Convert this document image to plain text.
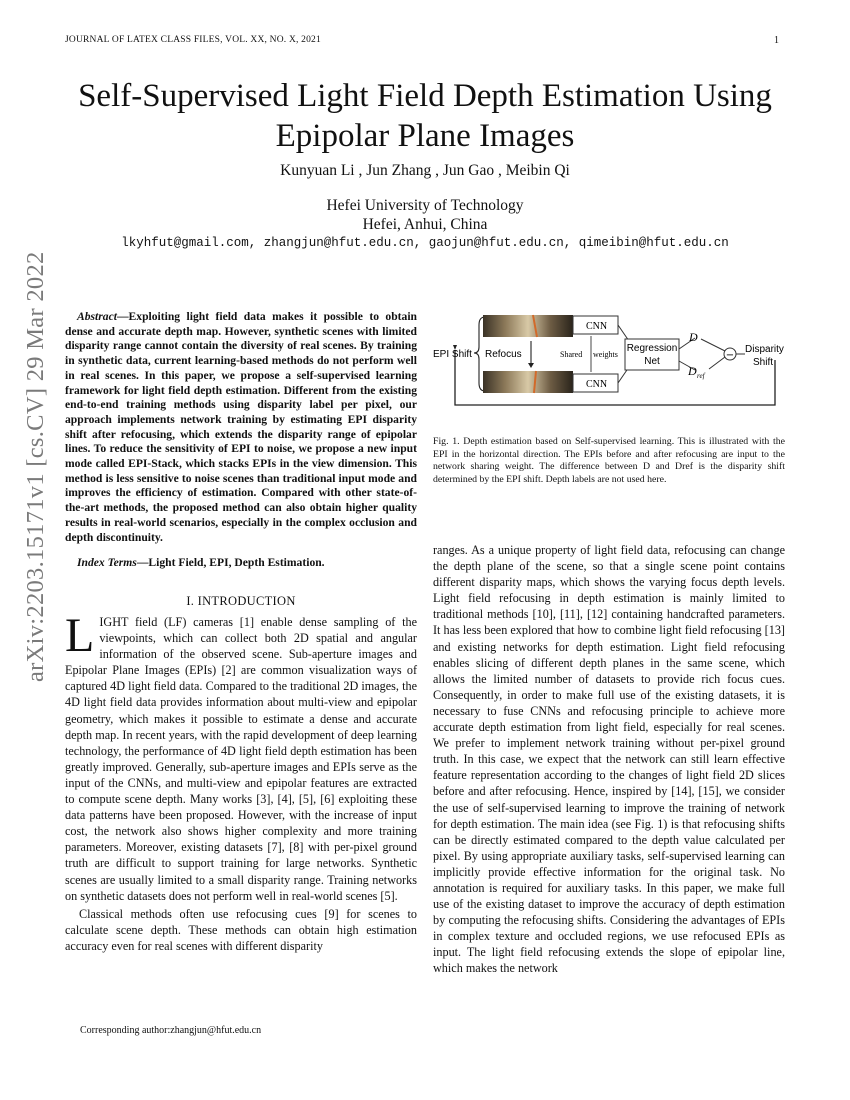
JOURNAL OF LATEX CLASS FILES, VOL. XX, NO. X, 2021	1
Self-Supervised Light Field Depth Estimation Using
Epipolar Plane Images
Kunyuan Li , Jun Zhang , Jun Gao , Meibin Qi
Hefei University of Technology
Hefei, Anhui, China
lkyhfut@gmail.com, zhangjun@hfut.edu.cn, gaojun@hfut.edu.cn, qimeibin@hfut.edu.cn
arXiv:2203.15171v1 [cs.CV] 29 Mar 2022	Abstract—Exploiting light field data makes it possible to obtain dense and accurate depth map. However, synthetic scenes with limited disparity range cannot contain the diversity of real scenes. By training in synthetic data, current learning-based methods do not perform well in real scenes. In this paper, we propose a self-supervised learning framework for light field depth estimation. Different from the existing end-to-end training methods using disparity label per pixel, our approach implements network training by estimating EPI disparity shift after refocusing, which extends the disparity range of epipolar lines. To reduce the sensitivity of EPI to noise, we propose a new input mode called EPI-Stack, which stacks EPIs in the view dimension. This method is less sensitive to noise scenes than traditional input mode and improves the efficiency of estimation. Compared with other state-of-the-art methods, the proposed method can also obtain higher quality results in real-world scenarios, especially in the complex occlusion and depth discontinuity.
Index Terms—Light Field, EPI, Depth Estimation.
I. INTRODUCTION

LIGHT field (LF) cameras [1] enable dense sampling of the viewpoints, which can collect both 2D spatial and angular information of the observed scene. Sub-aperture images and Epipolar Plane Images (EPIs) [2] are common visualization ways of captured 4D light field data. Compared to the traditional 2D images, the 4D light field data provides information about multi-view and epipolar geometry, which makes it possible to estimate a dense and accurate depth map. In recent years, with the rapid development of deep learning technology, the performance of 4D light field depth estimation has been greatly improved. Generally, sub-aperture images and EPIs serve as the input of the CNNs, and multi-view and epipolar features are extracted to compute scene depth. Many works [3], [4], [5], [6] exploiting these data patterns have been proposed. However, with the increase of input cost, the network also shows higher complexity and more training parameters. Moreover, existing datasets [7], [8] with per-pixel ground truth are difficult to support training for large networks. Synthetic scenes are usually limited to a small disparity range. Training networks on synthetic datasets does not perform well in real-world scenes [5].

Classical methods often use refocusing cues [9] for scenes to calculate scene depth. These methods can obtain high estimation accuracy even for real scenes with different disparity

Corresponding author:zhangjun@hfut.edu.cn
EPI Shift Refocus
CNN
CNN
Shared weights
Regression
Net
D
D ref
−
Disparity
Shift
Fig. 1. Depth estimation based on Self-supervised learning. This is illustrated with the EPI in the horizontal direction. The EPIs before and after refocusing are input to the network sharing weight. The difference between D and Dref is the disparity shift determined by the EPI shift. Depth labels are not used here.
ranges. As a unique property of light field data, refocusing can change the depth plane of the scene, so that a single scene point contains different disparity maps, which shows the varying focus depth levels. Light field refocusing in depth estimation is mainly limited to traditional methods [10], [11], [12] containing handcrafted parameters. It has less been explored that how to combine light field refocusing [13] and existing networks for depth estimation. Light field refocusing enables slicing of different depth planes in the same scene, which allows the limited number of datasets to provide rich focus cues. Consequently, in order to make full use of the existing datasets, it is necessary to fuse CNNs and refocusing principle to achieve more accurate depth estimation from light field, especially for real scenes. We prefer to implement network training without per-pixel ground truth. In this case, we expect that the network can still learn effective feature representation according to the changes of light field 2D slices before and after refocusing. Hence, inspired by [14], [15], we consider the use of self-supervised learning to improve the training of network for depth estimation. The main idea (see Fig. 1) is that refocusing shifts can be directly estimated compared to the depth value calculated per pixel. By using appropriate auxiliary tasks, self-supervised learning can implicitly provide effective information for the original task. No annotation is required for auxiliary tasks. In this paper, we make full use of the existing dataset to improve the accuracy of depth estimation by computing the refocusing shifts. Considering the advantages of EPIs in complex texture and occluded regions, we use refocused EPIs as input. The light field refocusing extends the slope of epipolar line, which makes the network
